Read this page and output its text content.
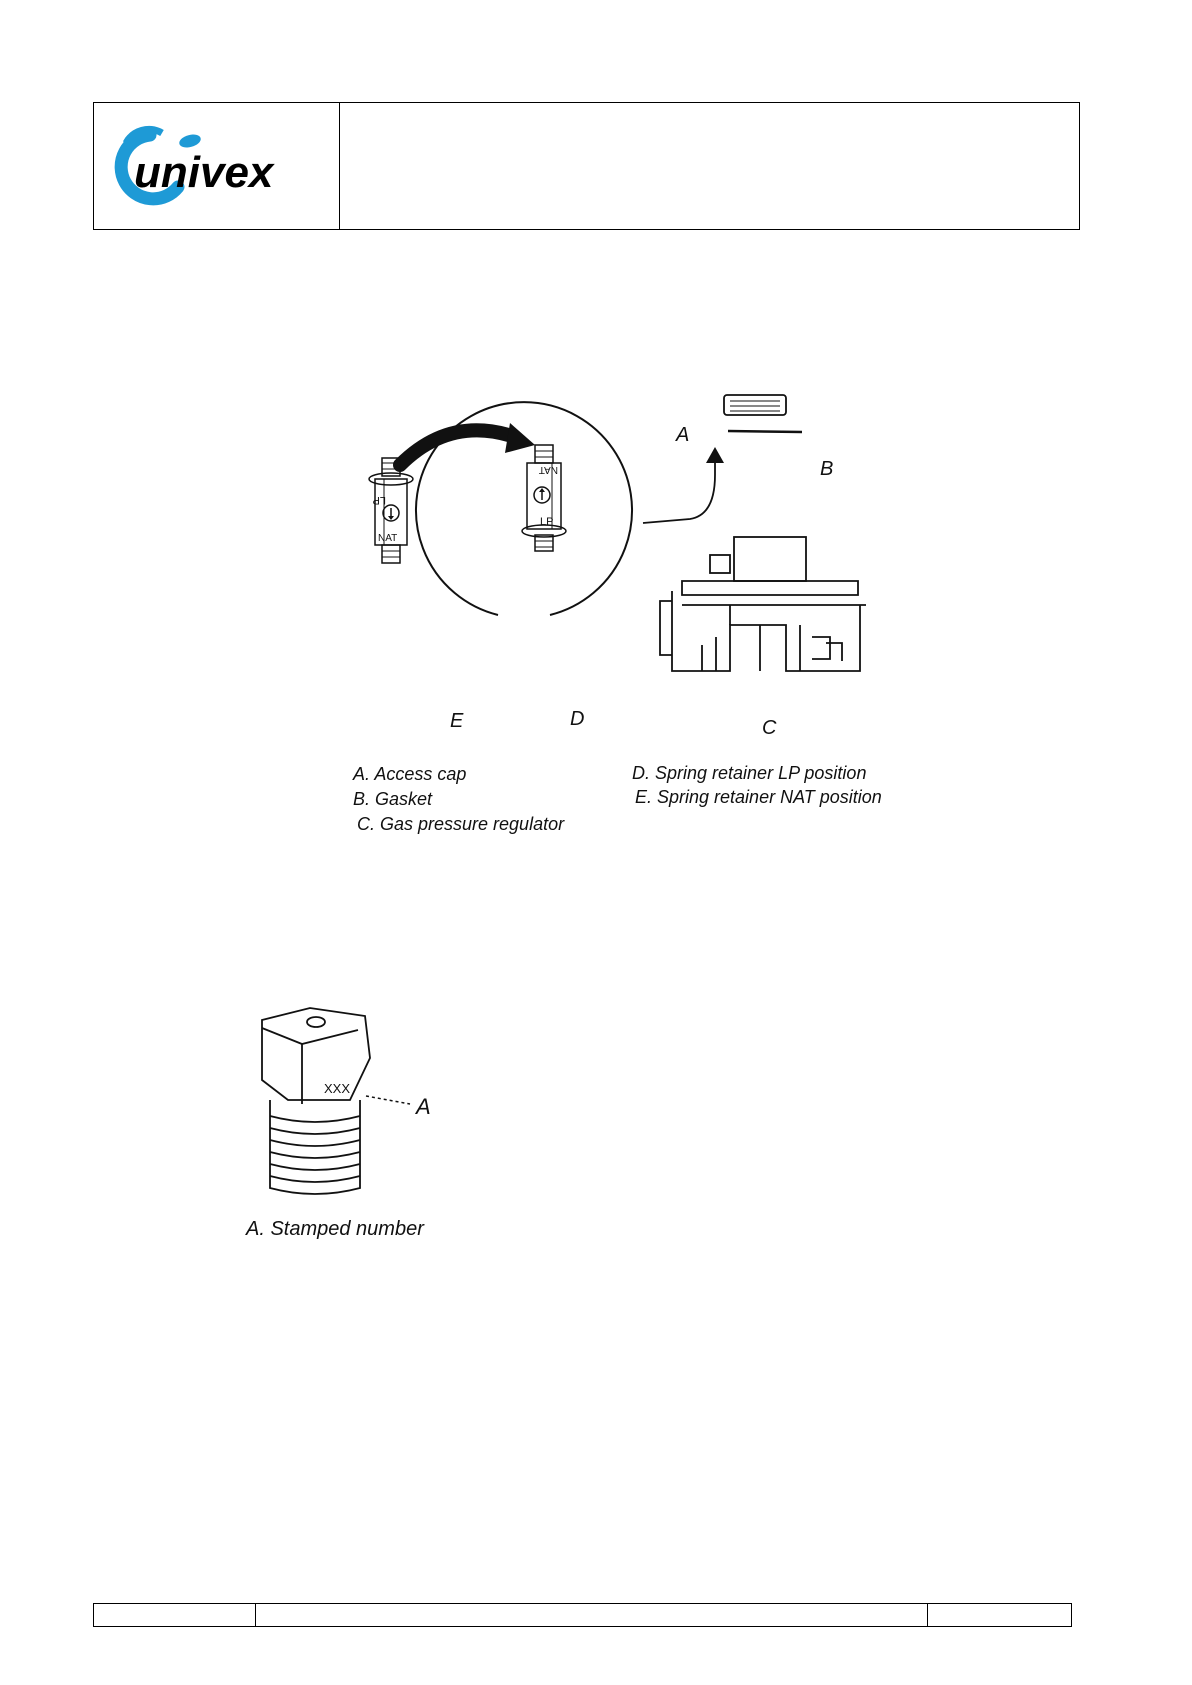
univex
LP
NAT
NAT
LP
A
B
C
D
E
A. Access cap
B. Gasket
C. Gas pressure regulator
D. Spring retainer LP position
E. Spring retainer NAT position
XXX
A
A. Stamped number
